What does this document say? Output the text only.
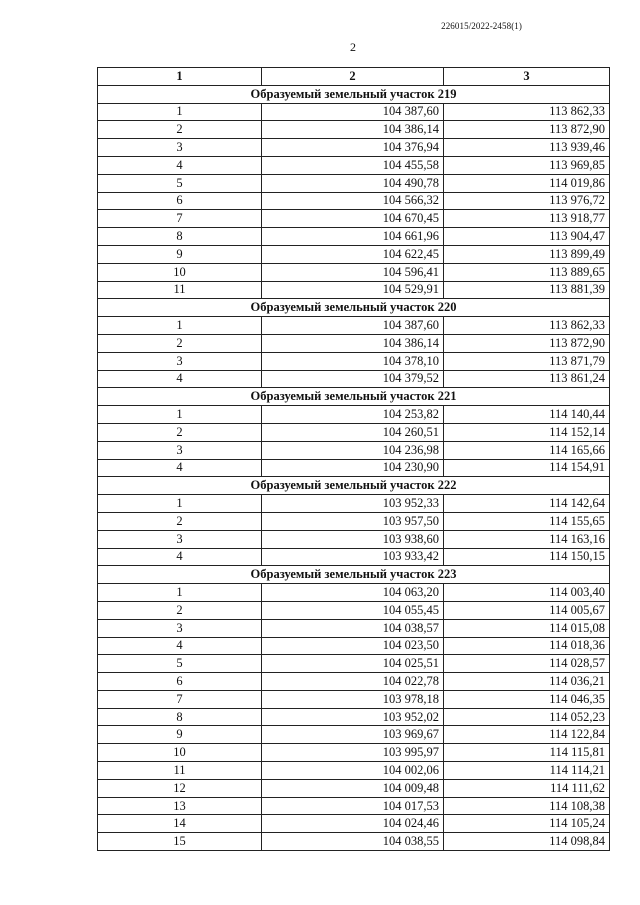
226015/2022-2458(1)
2
1	2	3
Образуемый земельный участок 219		
1	104 387,60	113 862,33
2	104 386,14	113 872,90
3	104 376,94	113 939,46
4	104 455,58	113 969,85
5	104 490,78	114 019,86
6	104 566,32	113 976,72
7	104 670,45	113 918,77
8	104 661,96	113 904,47
9	104 622,45	113 899,49
10	104 596,41	113 889,65
11	104 529,91	113 881,39
Образуемый земельный участок 220		
1	104 387,60	113 862,33
2	104 386,14	113 872,90
3	104 378,10	113 871,79
4	104 379,52	113 861,24
Образуемый земельный участок 221		
1	104 253,82	114 140,44
2	104 260,51	114 152,14
3	104 236,98	114 165,66
4	104 230,90	114 154,91
Образуемый земельный участок 222		
1	103 952,33	114 142,64
2	103 957,50	114 155,65
3	103 938,60	114 163,16
4	103 933,42	114 150,15
Образуемый земельный участок 223		
1	104 063,20	114 003,40
2	104 055,45	114 005,67
3	104 038,57	114 015,08
4	104 023,50	114 018,36
5	104 025,51	114 028,57
6	104 022,78	114 036,21
7	103 978,18	114 046,35
8	103 952,02	114 052,23
9	103 969,67	114 122,84
10	103 995,97	114 115,81
11	104 002,06	114 114,21
12	104 009,48	114 111,62
13	104 017,53	114 108,38
14	104 024,46	114 105,24
15	104 038,55	114 098,84
